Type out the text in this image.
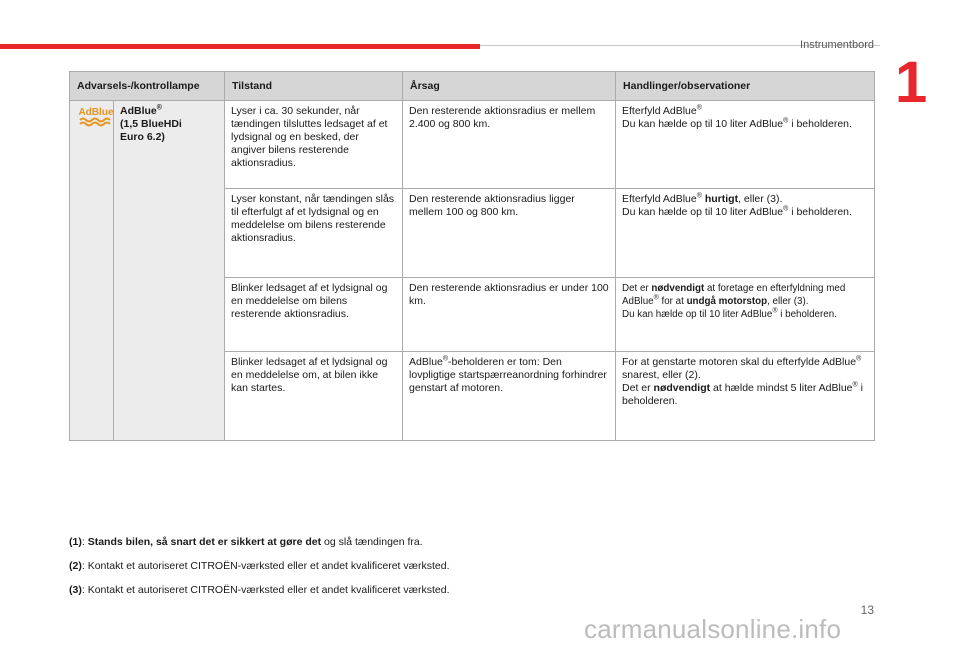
Instrumentbord
1
Advarsels-/kontrollampe		Tilstand	Årsag	Handlinger/observationer

AdBlue	AdBlue®
(1,5 BlueHDi
Euro 6.2)	Lyser i ca. 30 sekunder, når tændingen tilsluttes ledsaget af et lydsignal og en besked, der angiver bilens resterende aktionsradius.	Den resterende aktionsradius er mellem 2.400 og 800 km.	Efterfyld AdBlue®
Du kan hælde op til 10 liter AdBlue® i beholderen.
		Lyser konstant, når tændingen slås til efterfulgt af et lydsignal og en meddelelse om bilens resterende aktionsradius.	Den resterende aktionsradius ligger mellem 100 og 800 km.	Efterfyld AdBlue® hurtigt, eller (3).
Du kan hælde op til 10 liter AdBlue® i beholderen.
		Blinker ledsaget af et lydsignal og en meddelelse om bilens resterende aktionsradius.	Den resterende aktionsradius er under 100 km.	Det er nødvendigt at foretage en efterfyldning med AdBlue® for at undgå motorstop, eller (3).
Du kan hælde op til 10 liter AdBlue® i beholderen.
		Blinker ledsaget af et lydsignal og en meddelelse om, at bilen ikke kan startes.	AdBlue®-beholderen er tom: Den lovpligtige startspærreanordning forhindrer genstart af motoren.	For at genstarte motoren skal du efterfylde AdBlue® snarest, eller (2).
Det er nødvendigt at hælde mindst 5 liter AdBlue® i beholderen.

(1): Stands bilen, så snart det er sikkert at gøre det og slå tændingen fra.

(2): Kontakt et autoriseret CITROËN-værksted eller et andet kvalificeret værksted.

(3): Kontakt et autoriseret CITROËN-værksted eller et andet kvalificeret værksted.

13
carmanualsonline.info
